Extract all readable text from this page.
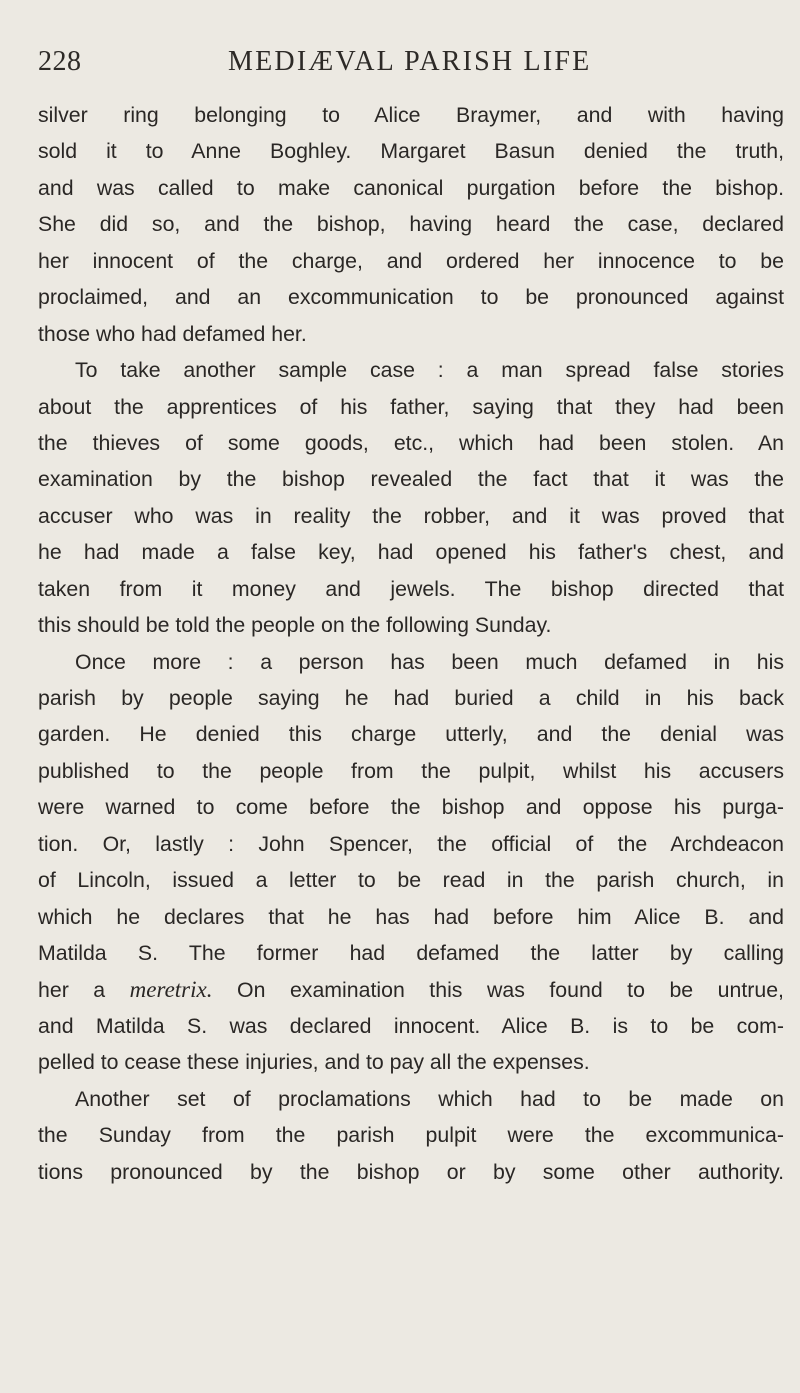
228	MEDIÆVAL PARISH LIFE
silver ring belonging to Alice Braymer, and with having
sold it to Anne Boghley. Margaret Basun denied the truth,
and was called to make canonical purgation before the bishop.
She did so, and the bishop, having heard the case, declared
her innocent of the charge, and ordered her innocence to be
proclaimed, and an excommunication to be pronounced against
those who had defamed her.
To take another sample case : a man spread false stories
about the apprentices of his father, saying that they had been
the thieves of some goods, etc., which had been stolen. An
examination by the bishop revealed the fact that it was the
accuser who was in reality the robber, and it was proved that
he had made a false key, had opened his father's chest, and
taken from it money and jewels. The bishop directed that
this should be told the people on the following Sunday.
Once more : a person has been much defamed in his
parish by people saying he had buried a child in his back
garden. He denied this charge utterly, and the denial was
published to the people from the pulpit, whilst his accusers
were warned to come before the bishop and oppose his purga-
tion. Or, lastly : John Spencer, the official of the Archdeacon
of Lincoln, issued a letter to be read in the parish church, in
which he declares that he has had before him Alice B. and
Matilda S. The former had defamed the latter by calling
her a meretrix. On examination this was found to be untrue,
and Matilda S. was declared innocent. Alice B. is to be com-
pelled to cease these injuries, and to pay all the expenses.
Another set of proclamations which had to be made on
the Sunday from the parish pulpit were the excommunica-
tions pronounced by the bishop or by some other authority.
